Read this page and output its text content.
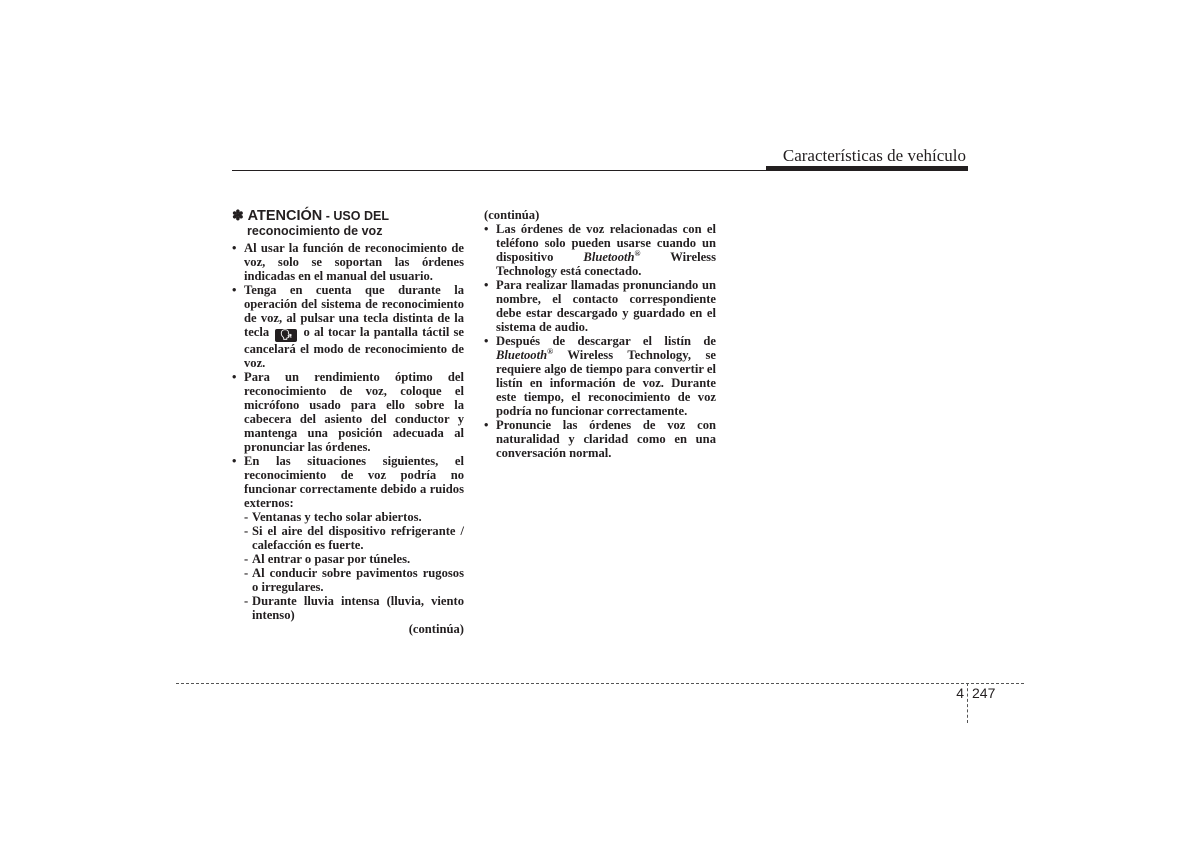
Características de vehículo
✽ ATENCIÓN - USO DEL
reconocimiento de voz
• Al usar la función de reconocimiento de voz, solo se soportan las órdenes indicadas en el manual del usuario.
• Tenga en cuenta que durante la operación del sistema de reconocimiento de voz, al pulsar una tecla distinta de la tecla 🗣︎ o al tocar la pantalla táctil se cancelará el modo de reconocimiento de voz.
• Para un rendimiento óptimo del reconocimiento de voz, coloque el micrófono usado para ello sobre la cabecera del asiento del conductor y mantenga una posición adecuada al pronunciar las órdenes.
• En las situaciones siguientes, el reconocimiento de voz podría no funcionar correctamente debido a ruidos externos:
- Ventanas y techo solar abiertos.
- Si el aire del dispositivo refrigerante / calefacción es fuerte.
- Al entrar o pasar por túneles.
- Al conducir sobre pavimentos rugosos o irregulares.
- Durante lluvia intensa (lluvia, viento intenso)
(continúa)
(continúa)
• Las órdenes de voz relacionadas con el teléfono solo pueden usarse cuando un dispositivo Bluetooth® Wireless Technology está conectado.
• Para realizar llamadas pronunciando un nombre, el contacto correspondiente debe estar descargado y guardado en el sistema de audio.
• Después de descargar el listín de Bluetooth® Wireless Technology, se requiere algo de tiempo para convertir el listín en información de voz. Durante este tiempo, el reconocimiento de voz podría no funcionar correctamente.
• Pronuncie las órdenes de voz con naturalidad y claridad como en una conversación normal.
4 247
